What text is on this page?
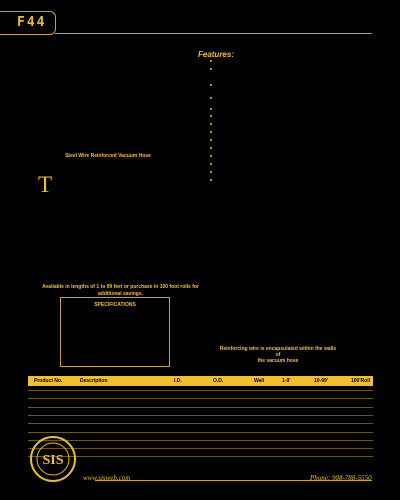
F44
Features:
Steel Wire Reinforced Vacuum Hose
T
Available in lengths of 1 to 99 feet or purchase in 100 foot rolls for
additional savings.
SPECIFICATIONS
Reinforcing wire is encapsulated within the walls of
the vacuum hose
Product No.	Description	I.D.	O.D.	Wall	1-9'	10-99'	100'Roll
SIS
www.sisweb.com	Phone: 908-788-5550
